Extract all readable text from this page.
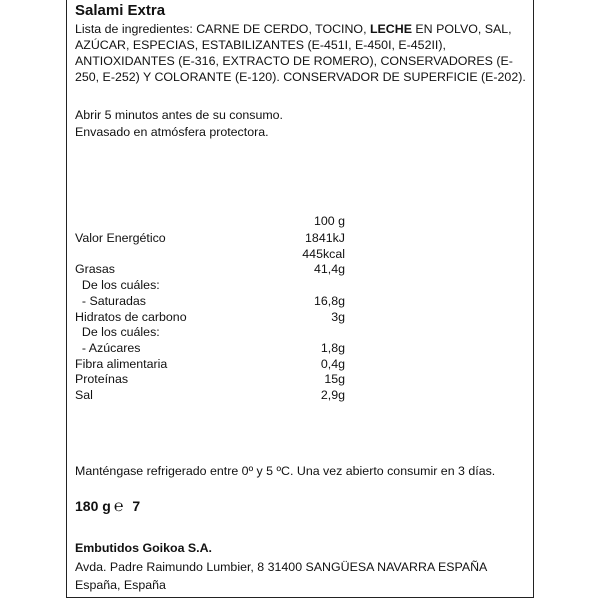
Salami Extra
Lista de ingredientes: CARNE DE CERDO, TOCINO, LECHE EN POLVO, SAL, AZÚCAR, ESPECIAS, ESTABILIZANTES (E-451I, E-450I, E-452II), ANTIOXIDANTES (E-316, EXTRACTO DE ROMERO), CONSERVADORES (E-250, E-252) Y COLORANTE (E-120). CONSERVADOR DE SUPERFICIE (E-202).
Abrir 5 minutos antes de su consumo.
Envasado en atmósfera protectora.
100 g
Valor Energético	1841kJ
445kcal
Grasas	41,4g
De los cuáles:
- Saturadas	16,8g
Hidratos de carbono	3g
De los cuáles:
- Azúcares	1,8g
Fibra alimentaria	0,4g
Proteínas	15g
Sal	2,9g
Manténgase refrigerado entre 0º y 5 ºC. Una vez abierto consumir en 3 días.
180 g ℮ 7
Embutidos Goikoa S.A.
Avda. Padre Raimundo Lumbier, 8 31400 SANGÜESA NAVARRA ESPAÑA
España, España
